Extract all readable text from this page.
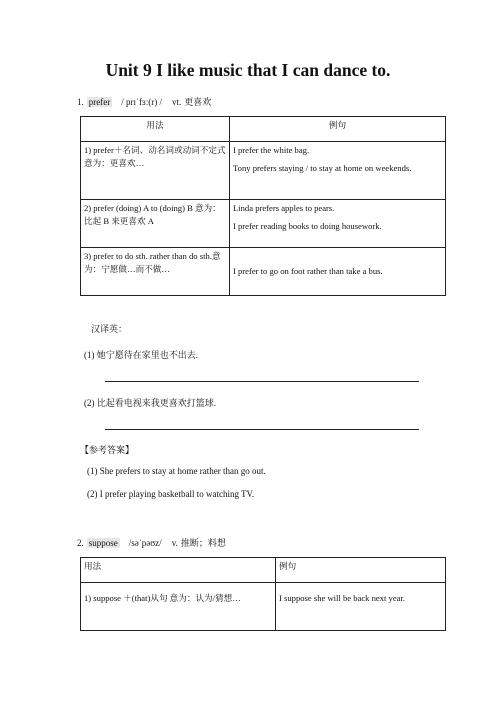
Unit 9 I like music that I can dance to.
1. prefer / prɪˈfɜː(r) / vt. 更喜欢
用法	例句

1) prefer＋名词、动名词或动词不定式意为：更喜欢…	I prefer the white bag.

Tony prefers staying / to stay at home on weekends.

2) prefer (doing) A to (doing) B 意为：比起 B 来更喜欢 A	Linda prefers apples to pears.

I prefer reading books to doing housework.

3) prefer to do sth. rather than do sth.意为：宁愿做…而不做…	I prefer to go on foot rather than take a bus.

汉译英：
(1) 她宁愿待在家里也不出去.
(2) 比起看电视来我更喜欢打篮球.
【参考答案】
(1) She prefers to stay at home rather than go out.
(2) I prefer playing basketball to watching TV.
2. suppose /səˈpəʊz/ v. 推断；料想
用法	例句

1) suppose ＋(that)从句 意为：认为/猜想…	I suppose she will be back next year.
